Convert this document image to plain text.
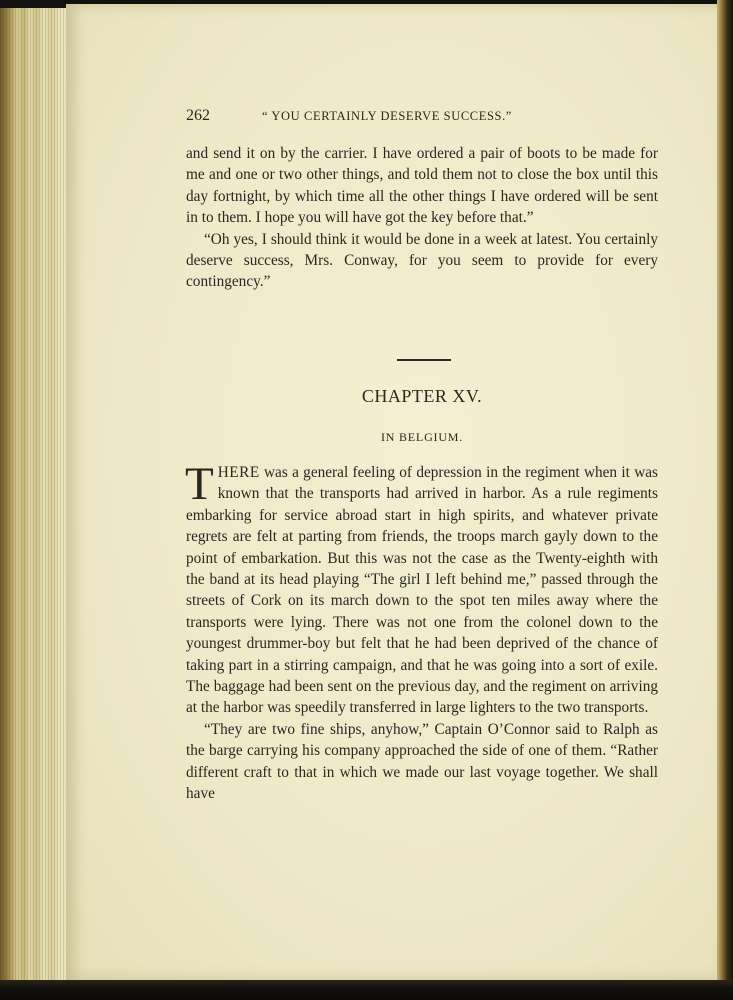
262	“ YOU CERTAINLY DESERVE SUCCESS.”

and send it on by the carrier. I have ordered a pair of boots to be made for me and one or two other things, and told them not to close the box until this day fortnight, by which time all the other things I have ordered will be sent in to them. I hope you will have got the key before that.”

“Oh yes, I should think it would be done in a week at latest. You certainly deserve success, Mrs. Conway, for you seem to provide for every contingency.”

CHAPTER XV.
IN BELGIUM.

THERE was a general feeling of depression in the regiment when it was known that the transports had arrived in harbor. As a rule regiments embarking for service abroad start in high spirits, and whatever private regrets are felt at parting from friends, the troops march gayly down to the point of embarkation. But this was not the case as the Twenty-eighth with the band at its head playing “The girl I left behind me,” passed through the streets of Cork on its march down to the spot ten miles away where the transports were lying. There was not one from the colonel down to the youngest drummer-boy but felt that he had been deprived of the chance of taking part in a stirring campaign, and that he was going into a sort of exile. The baggage had been sent on the previous day, and the regiment on arriving at the harbor was speedily transferred in large lighters to the two transports.

“They are two fine ships, anyhow,” Captain O’Connor said to Ralph as the barge carrying his company approached the side of one of them. “Rather different craft to that in which we made our last voyage together. We shall have
